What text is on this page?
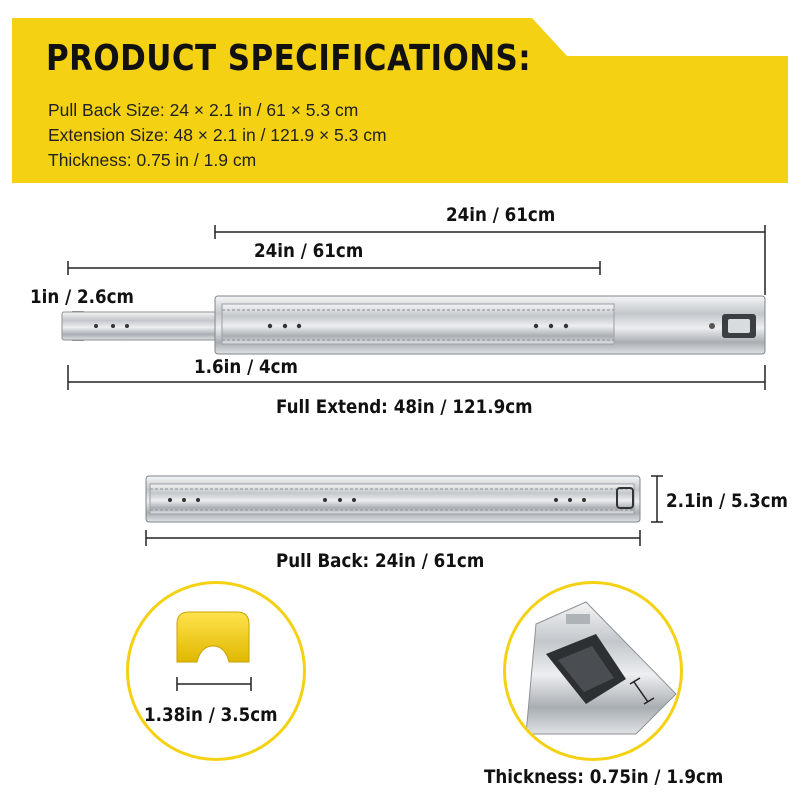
PRODUCT SPECIFICATIONS:
Pull Back Size: 24 × 2.1 in / 61 × 5.3 cm
Extension Size: 48 × 2.1 in / 121.9 × 5.3 cm
Thickness: 0.75 in / 1.9 cm
1.38in / 3.5cm
24in / 61cm
24in / 61cm
1in / 2.6cm
1.6in / 4cm
Full Extend: 48in / 121.9cm
2.1in / 5.3cm
Pull Back: 24in / 61cm
Thickness: 0.75in / 1.9cm
